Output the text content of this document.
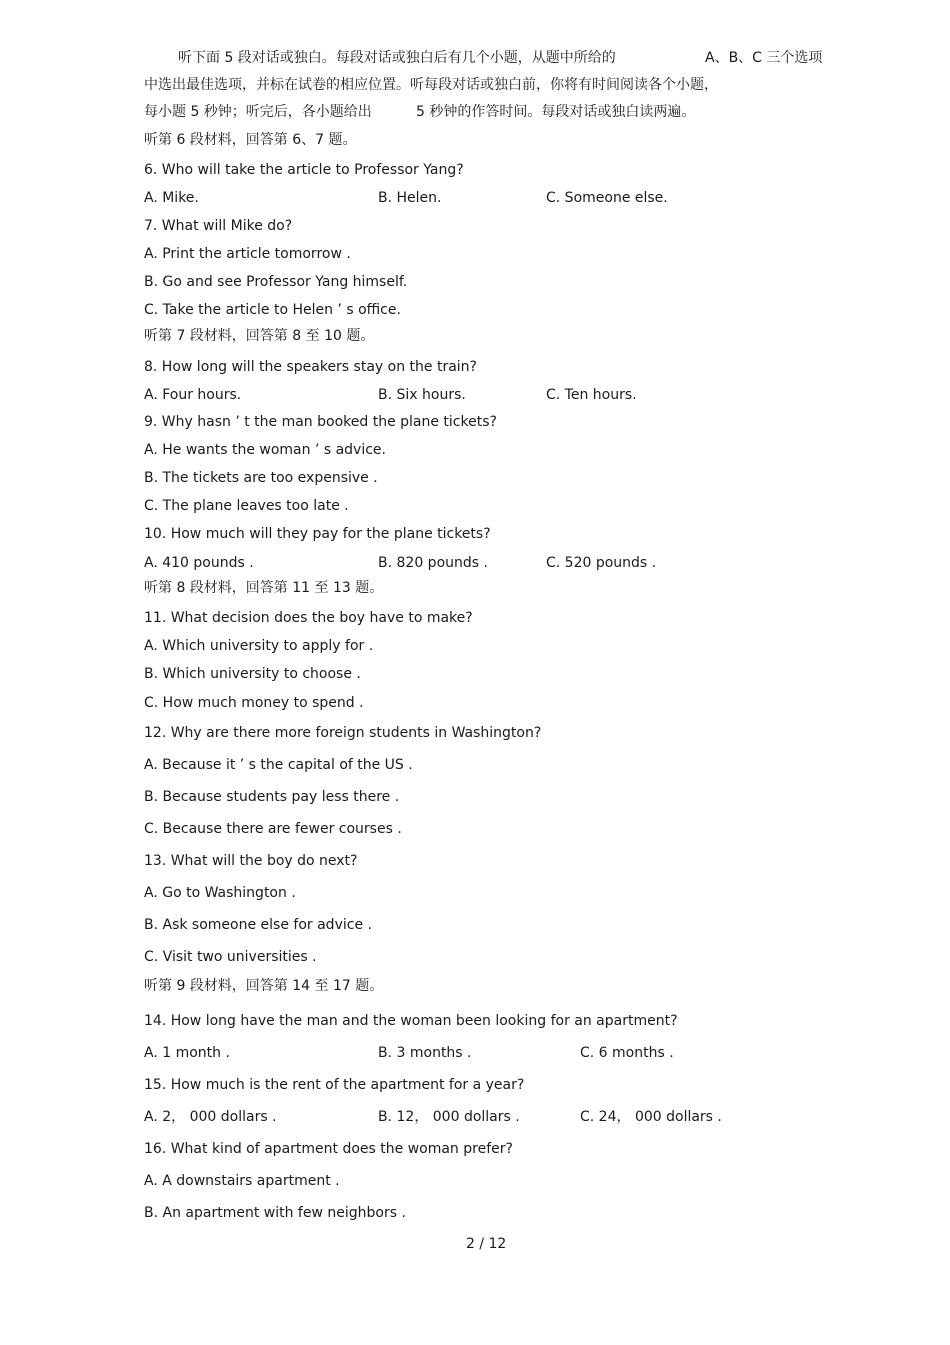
听下面 5 段对话或独白。每段对话或独白后有几个小题，从题中所给的	A、B、C 三个选项
中选出最佳选项，并标在试卷的相应位置。听每段对话或独白前，你将有时间阅读各个小题，
每小题 5 秒钟；听完后，各小题给出	5 秒钟的作答时间。每段对话或独白读两遍。
听第 6 段材料，回答第 6、7 题。
6. Who will take the article to Professor Yang?
A. Mike.	B. Helen.	C. Someone else.
7. What will Mike do?
A. Print the article tomorrow .
B. Go and see Professor Yang himself.
C. Take the article to Helen ’ s office.
听第 7 段材料，回答第 8 至 10 题。
8. How long will the speakers stay on the train?
A. Four hours.	B. Six hours.	C. Ten hours.
9. Why hasn ’ t the man booked the plane tickets?
A. He wants the woman ’ s advice.
B. The tickets are too expensive .
C. The plane leaves too late .
10. How much will they pay for the plane tickets?
A. 410 pounds .	B. 820 pounds .	C. 520 pounds .
听第 8 段材料，回答第 11 至 13 题。
11. What decision does the boy have to make?
A. Which university to apply for .
B. Which university to choose .
C. How much money to spend .
12. Why are there more foreign students in Washington?
A. Because it ’ s the capital of the US .
B. Because students pay less there .
C. Because there are fewer courses .
13. What will the boy do next?
A. Go to Washington .
B. Ask someone else for advice .
C. Visit two universities .
听第 9 段材料，回答第 14 至 17 题。
14. How long have the man and the woman been looking for an apartment?
A. 1 month .	B. 3 months .	C. 6 months .
15. How much is the rent of the apartment for a year?
A. 2， 000 dollars .	B. 12， 000 dollars .	C. 24， 000 dollars .
16. What kind of apartment does the woman prefer?
A. A downstairs apartment .
B. An apartment with few neighbors .
2 / 12
